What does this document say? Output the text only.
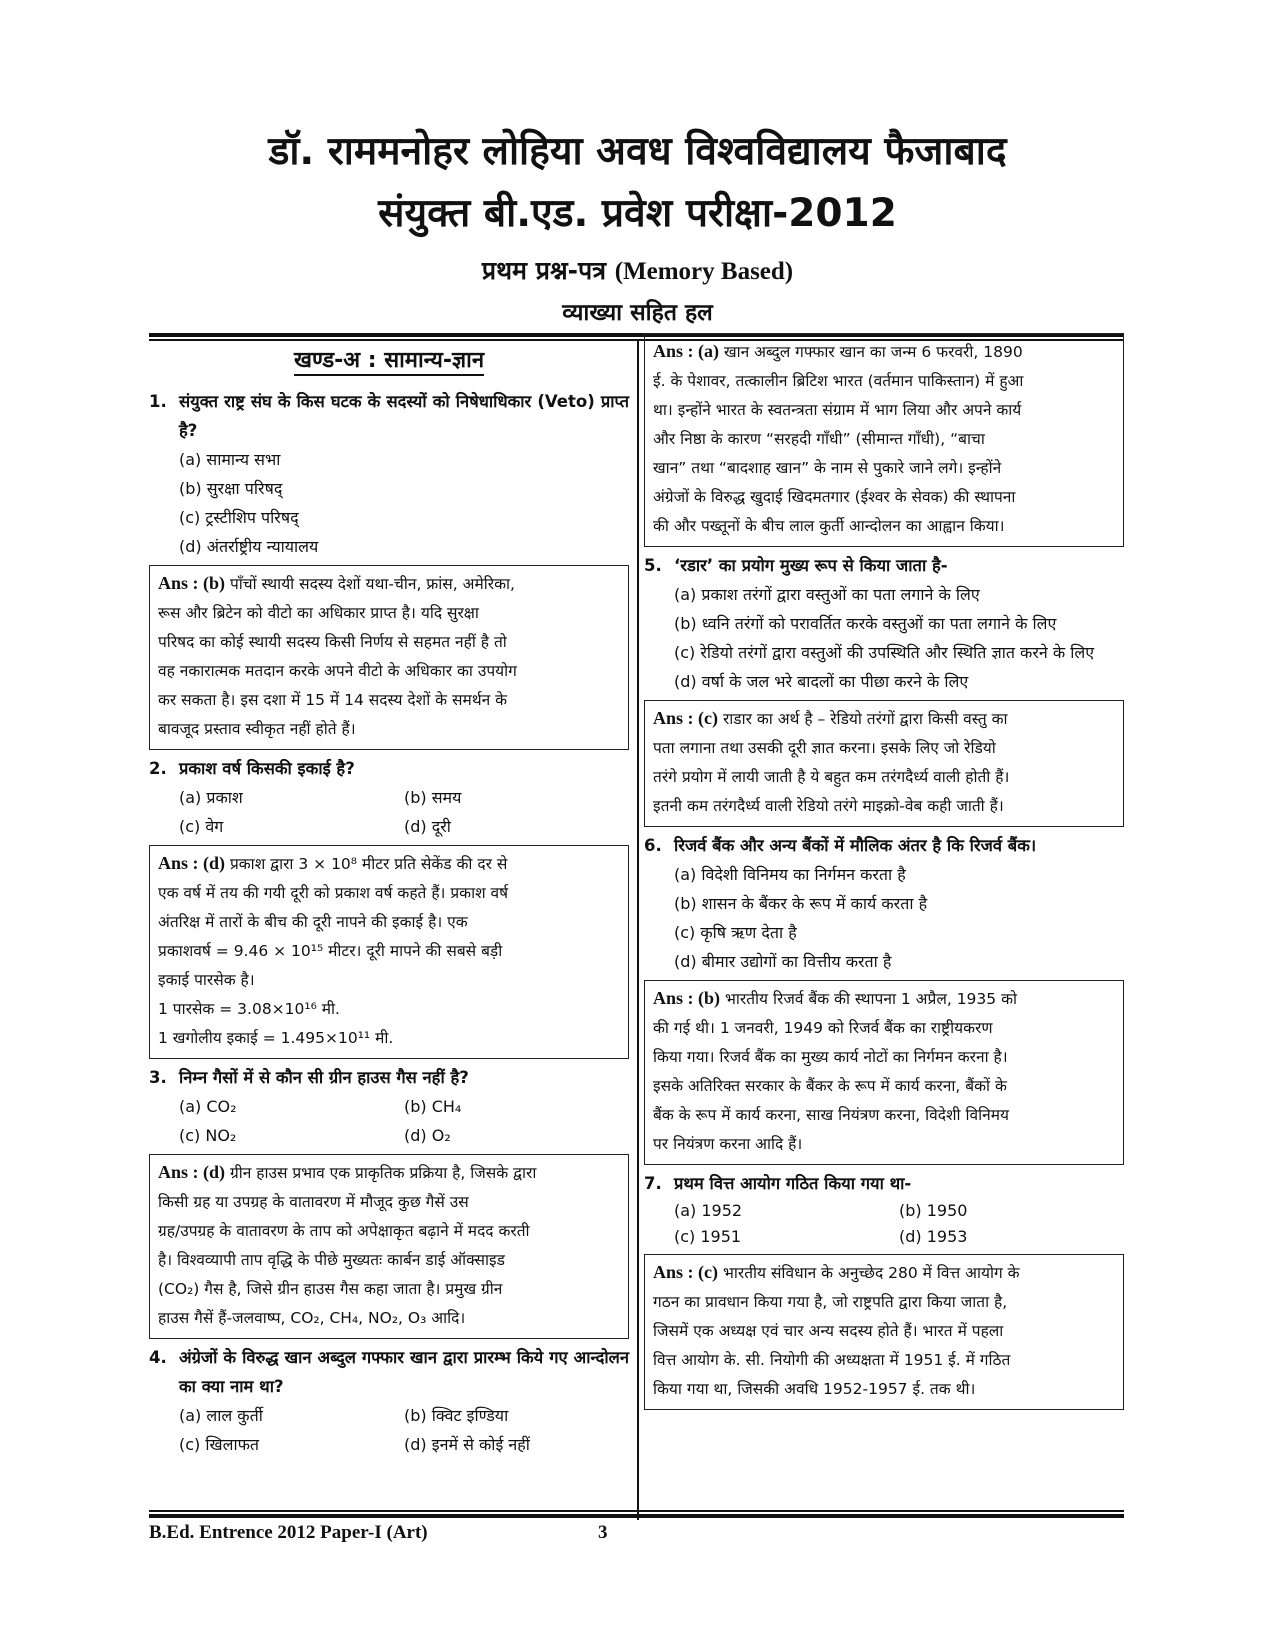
डॉ. राममनोहर लोहिया अवध विश्वविद्यालय फैजाबाद
संयुक्त बी.एड. प्रवेश परीक्षा-2012
प्रथम प्रश्न-पत्र (Memory Based)
व्याख्या सहित हल
खण्ड-अ : सामान्य-ज्ञान
1. संयुक्त राष्ट्र संघ के किस घटक के सदस्यों को निषेधाधिकार (Veto) प्राप्त है?
(a) सामान्य सभा
(b) सुरक्षा परिषद्
(c) ट्रस्टीशिप परिषद्
(d) अंतर्राष्ट्रीय न्यायालय
Ans : (b) पाँचों स्थायी सदस्य देशों यथा-चीन, फ्रांस, अमेरिका,
रूस और ब्रिटेन को वीटो का अधिकार प्राप्त है। यदि सुरक्षा
परिषद का कोई स्थायी सदस्य किसी निर्णय से सहमत नहीं है तो
वह नकारात्मक मतदान करके अपने वीटो के अधिकार का उपयोग
कर सकता है। इस दशा में 15 में 14 सदस्य देशों के समर्थन के
बावजूद प्रस्ताव स्वीकृत नहीं होते हैं।
2. प्रकाश वर्ष किसकी इकाई है?
(a) प्रकाश	(b) समय
(c) वेग	(d) दूरी
Ans : (d) प्रकाश द्वारा 3 × 10⁸ मीटर प्रति सेकेंड की दर से
एक वर्ष में तय की गयी दूरी को प्रकाश वर्ष कहते हैं। प्रकाश वर्ष
अंतरिक्ष में तारों के बीच की दूरी नापने की इकाई है। एक
प्रकाशवर्ष = 9.46 × 10¹⁵ मीटर। दूरी मापने की सबसे बड़ी
इकाई पारसेक है।
1 पारसेक = 3.08×10¹⁶ मी.
1 खगोलीय इकाई = 1.495×10¹¹ मी.
3. निम्न गैसों में से कौन सी ग्रीन हाउस गैस नहीं है?
(a) CO₂	(b) CH₄
(c) NO₂	(d) O₂
Ans : (d) ग्रीन हाउस प्रभाव एक प्राकृतिक प्रक्रिया है, जिसके द्वारा
किसी ग्रह या उपग्रह के वातावरण में मौजूद कुछ गैसें उस
ग्रह/उपग्रह के वातावरण के ताप को अपेक्षाकृत बढ़ाने में मदद करती
है। विश्वव्यापी ताप वृद्धि के पीछे मुख्यतः कार्बन डाई ऑक्साइड
(CO₂) गैस है, जिसे ग्रीन हाउस गैस कहा जाता है। प्रमुख ग्रीन
हाउस गैसें हैं-जलवाष्प, CO₂, CH₄, NO₂, O₃ आदि।
4. अंग्रेजों के विरुद्ध खान अब्दुल गफ्फार खान द्वारा प्रारम्भ किये गए आन्दोलन का क्या नाम था?
(a) लाल कुर्ती	(b) क्विट इण्डिया
(c) खिलाफत	(d) इनमें से कोई नहीं
Ans : (a) खान अब्दुल गफ्फार खान का जन्म 6 फरवरी, 1890
ई. के पेशावर, तत्कालीन ब्रिटिश भारत (वर्तमान पाकिस्तान) में हुआ
था। इन्होंने भारत के स्वतन्त्रता संग्राम में भाग लिया और अपने कार्य
और निष्ठा के कारण “सरहदी गाँधी” (सीमान्त गाँधी), “बाचा
खान” तथा “बादशाह खान” के नाम से पुकारे जाने लगे। इन्होंने
अंग्रेजों के विरुद्ध खुदाई खिदमतगार (ईश्वर के सेवक) की स्थापना
की और पख्तूनों के बीच लाल कुर्ती आन्दोलन का आह्वान किया।
5. ‘रडार’ का प्रयोग मुख्य रूप से किया जाता है-
(a) प्रकाश तरंगों द्वारा वस्तुओं का पता लगाने के लिए
(b) ध्वनि तरंगों को परावर्तित करके वस्तुओं का पता लगाने के लिए
(c) रेडियो तरंगों द्वारा वस्तुओं की उपस्थिति और स्थिति ज्ञात करने के लिए
(d) वर्षा के जल भरे बादलों का पीछा करने के लिए
Ans : (c) राडार का अर्थ है – रेडियो तरंगों द्वारा किसी वस्तु का
पता लगाना तथा उसकी दूरी ज्ञात करना। इसके लिए जो रेडियो
तरंगे प्रयोग में लायी जाती है ये बहुत कम तरंगदैर्ध्य वाली होती हैं।
इतनी कम तरंगदैर्ध्य वाली रेडियो तरंगे माइक्रो-वेब कही जाती हैं।
6. रिजर्व बैंक और अन्य बैंकों में मौलिक अंतर है कि रिजर्व बैंक।
(a) विदेशी विनिमय का निर्गमन करता है
(b) शासन के बैंकर के रूप में कार्य करता है
(c) कृषि ऋण देता है
(d) बीमार उद्योगों का वित्तीय करता है
Ans : (b) भारतीय रिजर्व बैंक की स्थापना 1 अप्रैल, 1935 को
की गई थी। 1 जनवरी, 1949 को रिजर्व बैंक का राष्ट्रीयकरण
किया गया। रिजर्व बैंक का मुख्य कार्य नोटों का निर्गमन करना है।
इसके अतिरिक्त सरकार के बैंकर के रूप में कार्य करना, बैंकों के
बैंक के रूप में कार्य करना, साख नियंत्रण करना, विदेशी विनिमय
पर नियंत्रण करना आदि हैं।
7. प्रथम वित्त आयोग गठित किया गया था-
(a) 1952	(b) 1950
(c) 1951	(d) 1953
Ans : (c) भारतीय संविधान के अनुच्छेद 280 में वित्त आयोग के
गठन का प्रावधान किया गया है, जो राष्ट्रपति द्वारा किया जाता है,
जिसमें एक अध्यक्ष एवं चार अन्य सदस्य होते हैं। भारत में पहला
वित्त आयोग के. सी. नियोगी की अध्यक्षता में 1951 ई. में गठित
किया गया था, जिसकी अवधि 1952-1957 ई. तक थी।
B.Ed. Entrence 2012 Paper-I (Art)	3
